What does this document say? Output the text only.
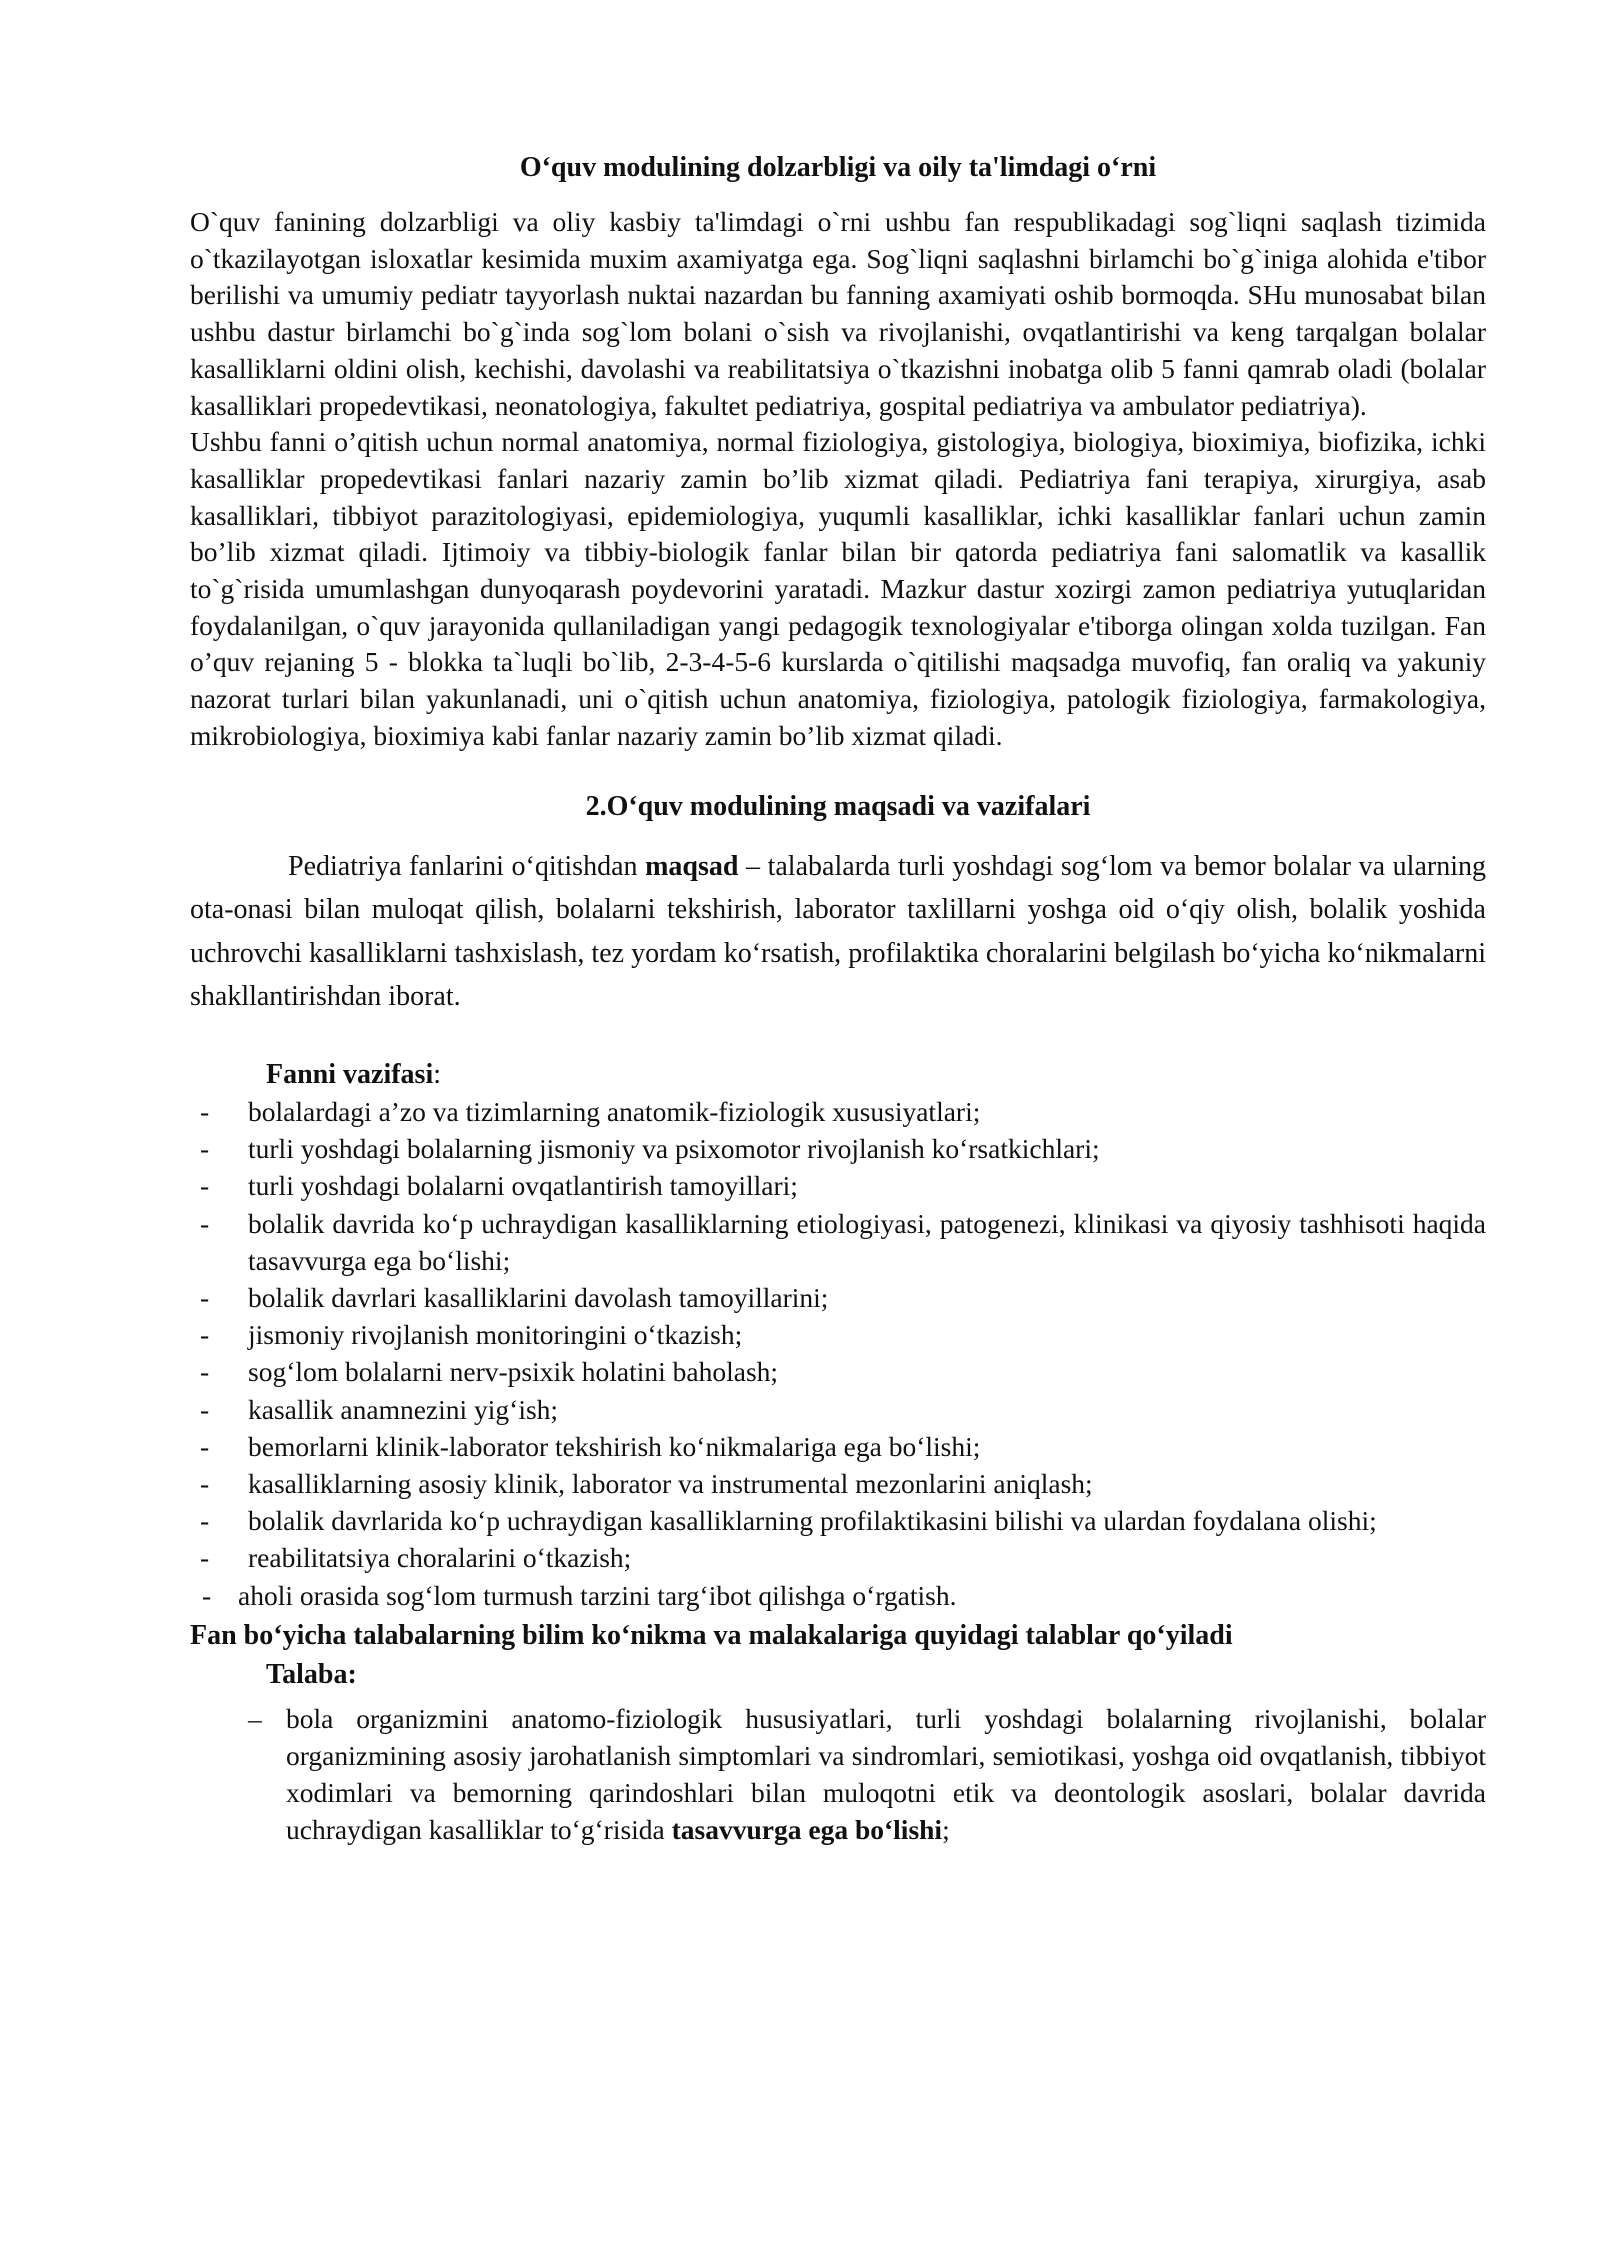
O‘quv modulining dolzarbligi va oily ta'limdagi o‘rni

O`quv fanining dolzarbligi va oliy kasbiy ta'limdagi o`rni ushbu fan respublikadagi sog`liqni saqlash tizimida o`tkazilayotgan isloxatlar kesimida muxim axamiyatga ega. Sog`liqni saqlashni birlamchi bo`g`iniga alohida e'tibor berilishi va umumiy pediatr tayyorlash nuktai nazardan bu fanning axamiyati oshib bormoqda. SHu munosabat bilan ushbu dastur birlamchi bo`g`inda sog`lom bolani o`sish va rivojlanishi, ovqatlantirishi va keng tarqalgan bolalar kasalliklarni oldini olish, kechishi, davolashi va reabilitatsiya o`tkazishni inobatga olib 5 fanni qamrab oladi (bolalar kasalliklari propedevtikasi, neonatologiya, fakultet pediatriya, gospital pediatriya va ambulator pediatriya).

Ushbu fanni o’qitish uchun normal anatomiya, normal fiziologiya, gistologiya, biologiya, bioximiya, biofizika, ichki kasalliklar propedevtikasi fanlari nazariy zamin bo’lib xizmat qiladi. Pediatriya fani terapiya, xirurgiya, asab kasalliklari, tibbiyot parazitologiyasi, epidemiologiya, yuqumli kasalliklar, ichki kasalliklar fanlari uchun zamin bo’lib xizmat qiladi. Ijtimoiy va tibbiy-biologik fanlar bilan bir qatorda pediatriya fani salomatlik va kasallik to`g`risida umumlashgan dunyoqarash poydevorini yaratadi. Mazkur dastur xozirgi zamon pediatriya yutuqlaridan foydalanilgan, o`quv jarayonida qullaniladigan yangi pedagogik texnologiyalar e'tiborga olingan xolda tuzilgan. Fan o’quv rejaning 5 - blokka ta`luqli bo`lib, 2-3-4-5-6 kurslarda o`qitilishi maqsadga muvofiq, fan oraliq va yakuniy nazorat turlari bilan yakunlanadi, uni o`qitish uchun anatomiya, fiziologiya, patologik fiziologiya, farmakologiya, mikrobiologiya, bioximiya kabi fanlar nazariy zamin bo’lib xizmat qiladi.

2.O‘quv modulining maqsadi va vazifalari

Pediatriya fanlarini o‘qitishdan maqsad – talabalarda turli yoshdagi sog‘lom va bemor bolalar va ularning ota-onasi bilan muloqat qilish, bolalarni tekshirish, laborator taxlillarni yoshga oid o‘qiy olish, bolalik yoshida uchrovchi kasalliklarni tashxislash, tez yordam ko‘rsatish, profilaktika choralarini belgilash bo‘yicha ko‘nikmalarni shakllantirishdan iborat.

Fanni vazifasi:
- bolalardagi a’zo va tizimlarning anatomik-fiziologik xususiyatlari;
- turli yoshdagi bolalarning jismoniy va psixomotor rivojlanish ko‘rsatkichlari;
- turli yoshdagi bolalarni ovqatlantirish tamoyillari;
- bolalik davrida ko‘p uchraydigan kasalliklarning etiologiyasi, patogenezi, klinikasi va qiyosiy tashhisoti haqida tasavvurga ega bo‘lishi;
- bolalik davrlari kasalliklarini davolash tamoyillarini;
- jismoniy rivojlanish monitoringini o‘tkazish;
- sog‘lom bolalarni nerv-psixik holatini baholash;
- kasallik anamnezini yig‘ish;
- bemorlarni klinik-laborator tekshirish ko‘nikmalariga ega bo‘lishi;
- kasalliklarning asosiy klinik, laborator va instrumental mezonlarini aniqlash;
- bolalik davrlarida ko‘p uchraydigan kasalliklarning profilaktikasini bilishi va ulardan foydalana olishi;
- reabilitatsiya choralarini o‘tkazish;
- aholi orasida sog‘lom turmush tarzini targ‘ibot qilishga o‘rgatish.
Fan bo‘yicha talabalarning bilim ko‘nikma va malakalariga quyidagi talablar qo‘yiladi
Talaba:
– bola organizmini anatomo-fiziologik hususiyatlari, turli yoshdagi bolalarning rivojlanishi, bolalar organizmining asosiy jarohatlanish simptomlari va sindromlari, semiotikasi, yoshga oid ovqatlanish, tibbiyot xodimlari va bemorning qarindoshlari bilan muloqotni etik va deontologik asoslari, bolalar davrida uchraydigan kasalliklar to‘g‘risida tasavvurga ega bo‘lishi;
